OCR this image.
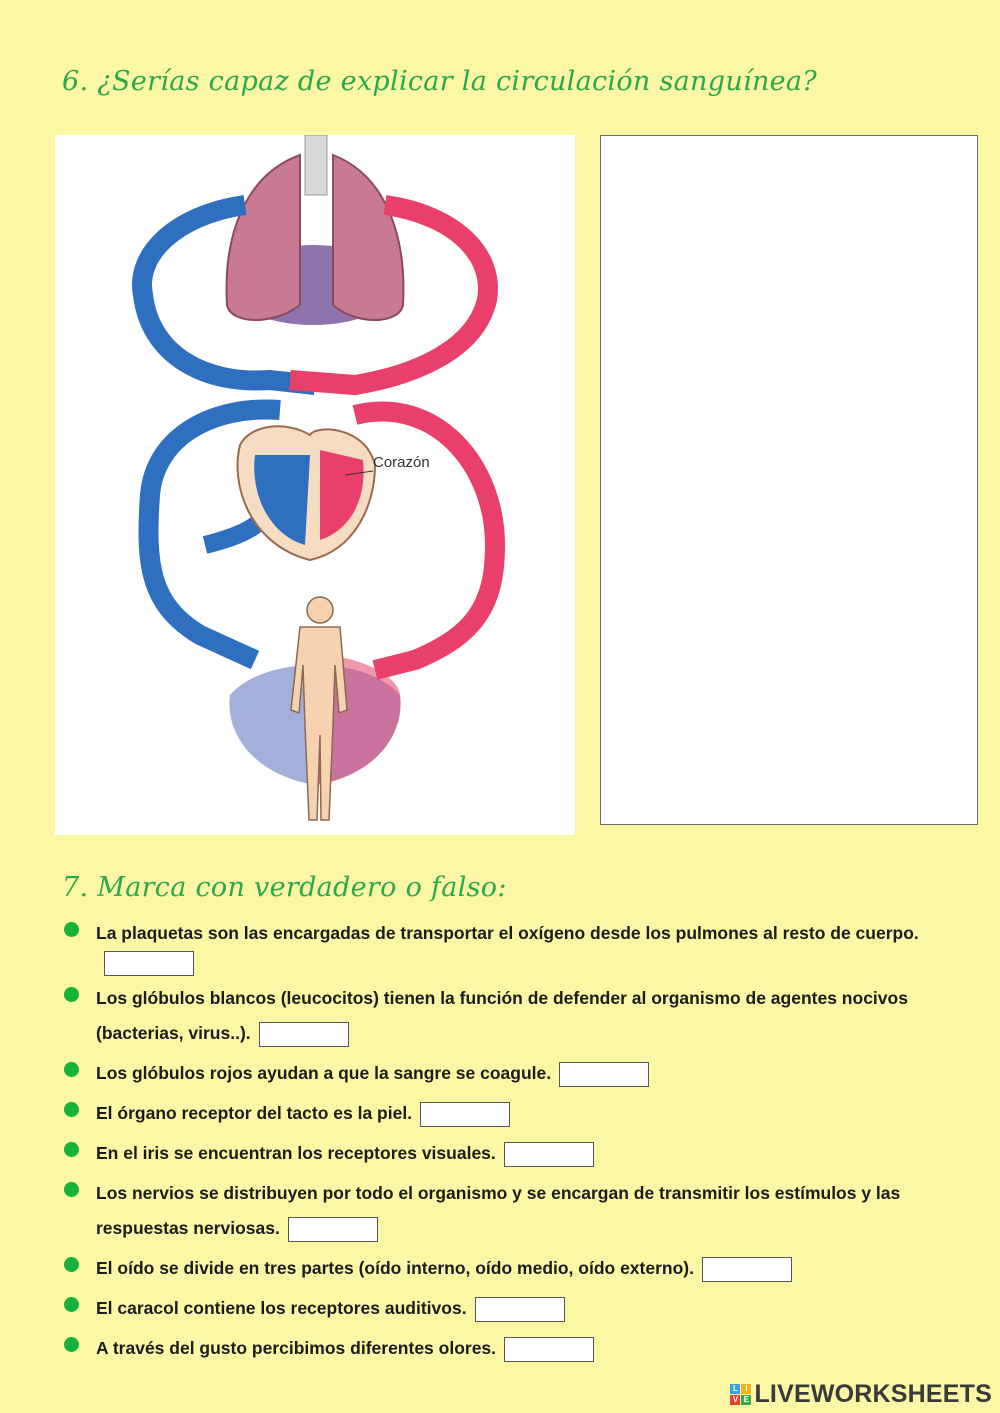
6. ¿Serías capaz de explicar la circulación sanguínea?
Corazón
7. Marca con verdadero o falso:
La plaquetas son las encargadas de transportar el oxígeno desde los pulmones al resto de cuerpo.
Los glóbulos blancos (leucocitos) tienen la función de defender al organismo de agentes nocivos (bacterias, virus..).
Los glóbulos rojos ayudan a que la sangre se coagule.
El órgano receptor del tacto es la piel.
En el iris se encuentran los receptores visuales.
Los nervios se distribuyen por todo el organismo y se encargan de transmitir los estímulos y las respuestas nerviosas.
El oído se divide en tres partes (oído interno, oído medio, oído externo).
El caracol contiene los receptores auditivos.
A través del gusto percibimos diferentes olores.
L I
V E LIVEWORKSHEETS
